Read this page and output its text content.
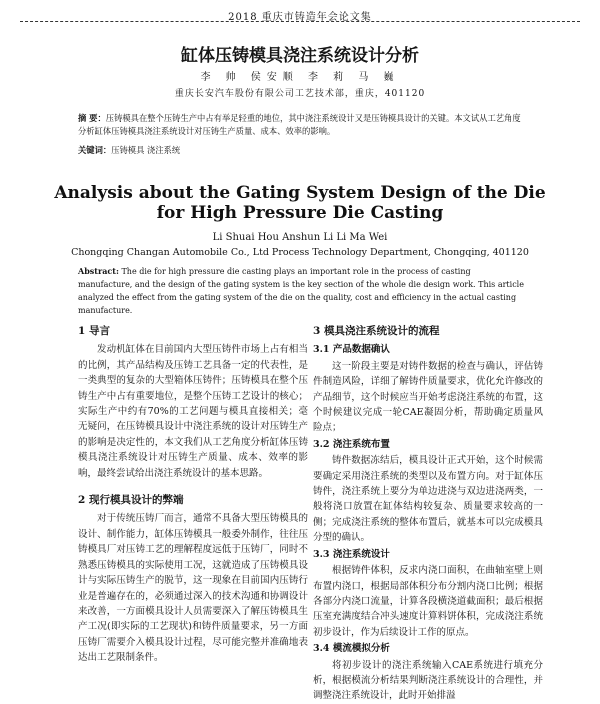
2018 重庆市铸造年会论文集
缸体压铸模具浇注系统设计分析
李 帅 侯安顺 李 莉 马 巍
重庆长安汽车股份有限公司工艺技术部，重庆，401120
摘 要：压铸模具在整个压铸生产中占有举足轻重的地位，其中浇注系统设计又是压铸模具设计的关键。本文试从工艺角度分析缸体压铸模具浇注系统设计对压铸生产质量、成本、效率的影响。
关键词：压铸模具 浇注系统
Analysis about the Gating System Design of the Die for High Pressure Die Casting
Li Shuai Hou Anshun Li Li Ma Wei
Chongqing Changan Automobile Co., Ltd Process Technology Department, Chongqing, 401120
Abstract: The die for high pressure die casting plays an important role in the process of casting manufacture, and the design of the gating system is the key section of the whole die design work. This article analyzed the effect from the gating system of the die on the quality, cost and efficiency in the actual casting manufacture.
1 导言

发动机缸体在目前国内大型压铸件市场上占有相当的比例，其产品结构及压铸工艺具备一定的代表性，是一类典型的复杂的大型箱体压铸件；压铸模具在整个压铸生产中占有重要地位，是整个压铸工艺设计的核心；实际生产中约有70%的工艺问题与模具直接相关；毫无疑问，在压铸模具设计中浇注系统的设计对压铸生产的影响是决定性的，本文我们从工艺角度分析缸体压铸模具浇注系统设计对压铸生产质量、成本、效率的影响，最终尝试给出浇注系统设计的基本思路。

2 现行模具设计的弊端

对于传统压铸厂而言，通常不具备大型压铸模具的设计、制作能力，缸体压铸模具一般委外制作，往往压铸模具厂对压铸工艺的理解程度远低于压铸厂，同时不熟悉压铸模具的实际使用工况，这就造成了压铸模具设计与实际压铸生产的脱节，这一现象在目前国内压铸行业是普遍存在的，必须通过深入的技术沟通和协调设计来改善，一方面模具设计人员需要深入了解压铸模具生产工况(即实际的工艺现状)和铸件质量要求，另一方面压铸厂需要介入模具设计过程，尽可能完整并准确地表达出工艺限制条件。

3 模具浇注系统设计的流程
3.1 产品数据确认

这一阶段主要是对铸件数据的检查与确认，评估铸件制造风险，详细了解铸件质量要求，优化允许修改的产品细节，这个时候应当开始考虑浇注系统的布置，这个时候建议完成一轮CAE凝固分析，帮助确定质量风险点；

3.2 浇注系统布置

铸件数据冻结后，模具设计正式开始，这个时候需要确定采用浇注系统的类型以及布置方向。对于缸体压铸件，浇注系统上要分为单边进浇与双边进浇两类，一般将浇口放置在缸体结构较复杂、质量要求较高的一侧；完成浇注系统的整体布置后，就基本可以完成模具分型的确认。

3.3 浇注系统设计

根据铸件体积，反求内浇口面积，在曲轴室壁上则布置内浇口，根据局部体积分布分割内浇口比例；根据各部分内浇口流量，计算各段横浇道截面积；最后根据压室充满度结合冲头速度计算料饼体积，完成浇注系统初步设计，作为后续设计工作的原点。

3.4 模流模拟分析

将初步设计的浇注系统输入CAE系统进行填充分析，根据模流分析结果判断浇注系统设计的合理性，并调整浇注系统设计，此时开始排溢
